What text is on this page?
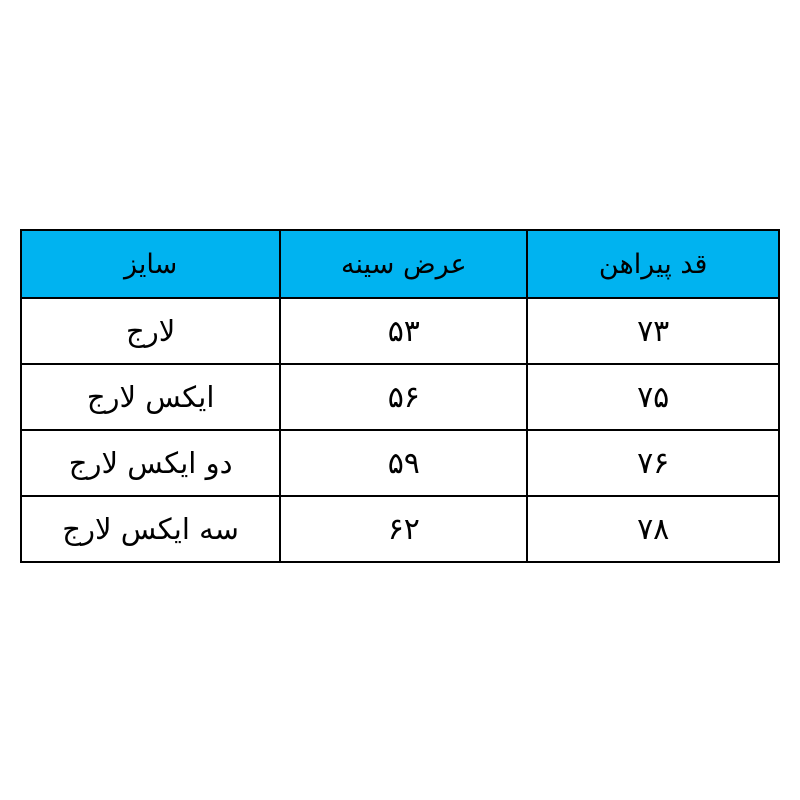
قد پیراهن	عرض سینه	سایز
۷۳	۵۳	لارج
۷۵	۵۶	ایکس لارج
۷۶	۵۹	دو ایکس لارج
۷۸	۶۲	سه ایکس لارج
